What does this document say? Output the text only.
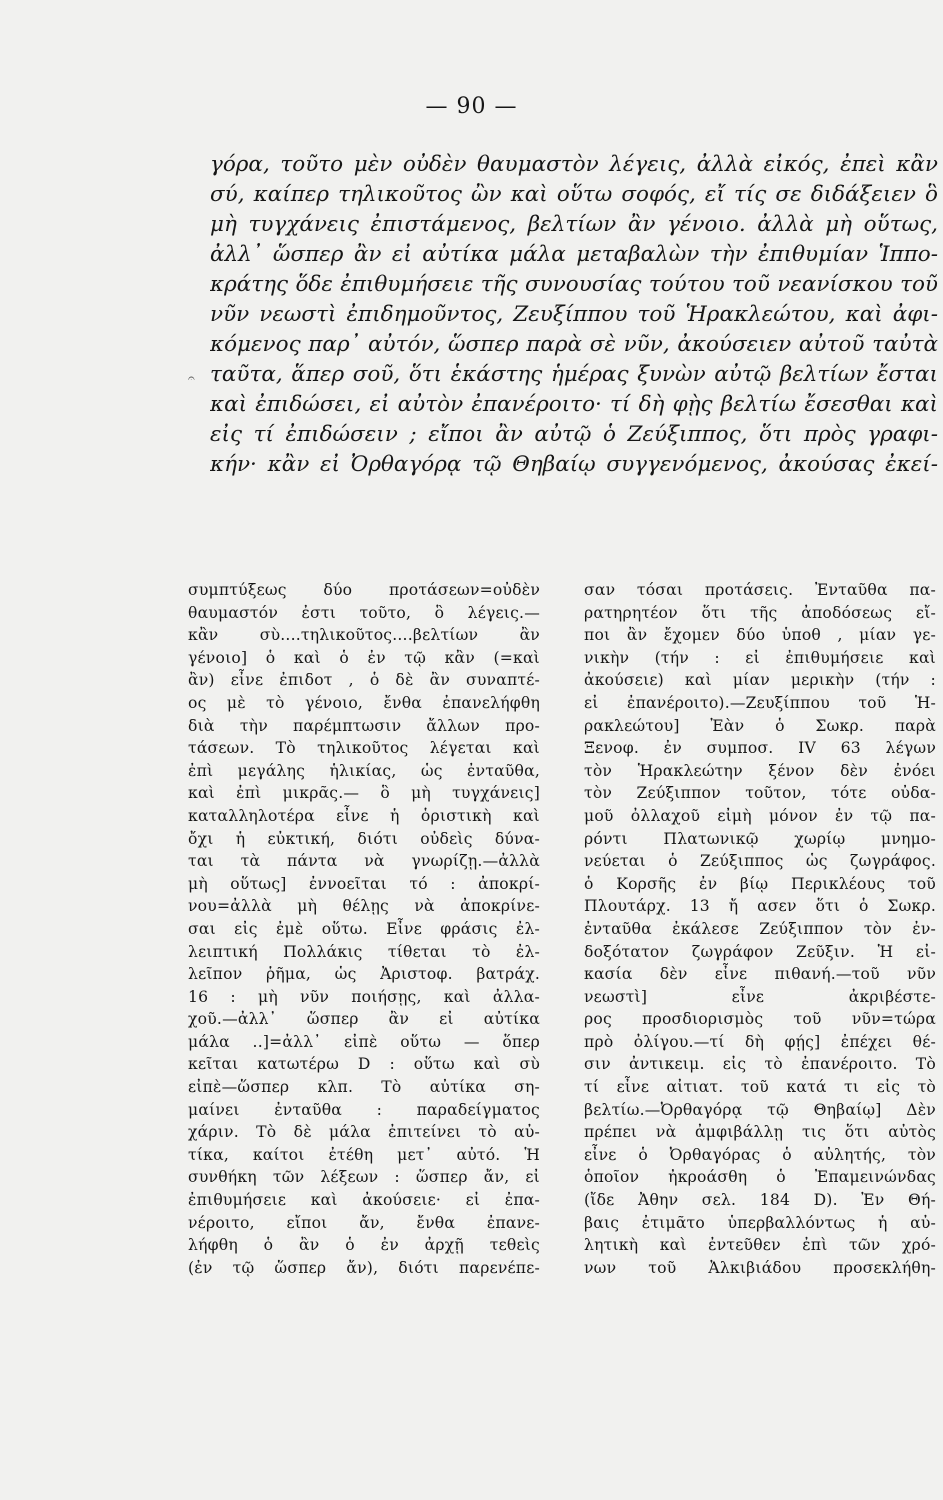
— 90 —
𝄐
γόρα, τοῦτο μὲν οὐδὲν θαυμαστὸν λέγεις, ἀλλὰ εἰκός, ἐπεὶ κἂν
σύ, καίπερ τηλικοῦτος ὢν καὶ οὕτω σοφός, εἴ τίς σε διδάξειεν ὃ
μὴ τυγχάνεις ἐπιστάμενος, βελτίων ἂν γένοιο. ἀλλὰ μὴ οὕτως,
ἀλλ᾽ ὥσπερ ἂν εἰ αὐτίκα μάλα μεταβαλὼν τὴν ἐπιθυμίαν Ἱππο-
κράτης ὅδε ἐπιθυμήσειε τῆς συνουσίας τούτου τοῦ νεανίσκου τοῦ
νῦν νεωστὶ ἐπιδημοῦντος, Ζευξίππου τοῦ Ἡρακλεώτου, καὶ ἀφι-
κόμενος παρ᾽ αὐτόν, ὥσπερ παρὰ σὲ νῦν, ἀκούσειεν αὐτοῦ ταὐτὰ
ταῦτα, ἅπερ σοῦ, ὅτι ἑκάστης ἡμέρας ξυνὼν αὐτῷ βελτίων ἔσται
καὶ ἐπιδώσει, εἰ αὐτὸν ἐπανέροιτο· τί δὴ φῂς βελτίω ἔσεσθαι καὶ
εἰς τί ἐπιδώσειν ; εἴποι ἂν αὐτῷ ὁ Ζεύξιππος, ὅτι πρὸς γραφι-
κήν· κἂν εἰ Ὀρθαγόρᾳ τῷ Θηβαίῳ συγγενόμενος, ἀκούσας ἐκεί-
συμπτύξεως δύο προτάσεων=οὐδὲν
θαυμαστόν ἐστι τοῦτο, ὃ λέγεις.—
κἂν σὺ....τηλικοῦτος....βελτίων ἂν
γένοιο] ὁ καὶ ὁ ἐν τῷ κἂν (=καὶ
ἂν) εἶνε ἐπιδοτ , ὁ δὲ ἂν συναπτέ-
ος μὲ τὸ γένοιο, ἔνθα ἐπανελήφθη
διὰ τὴν παρέμπτωσιν ἄλλων προ-
τάσεων. Τὸ τηλικοῦτος λέγεται καὶ
ἐπὶ μεγάλης ἡλικίας, ὡς ἐνταῦθα,
καὶ ἐπὶ μικρᾶς.— ὃ μὴ τυγχάνεις]
καταλληλοτέρα εἶνε ἡ ὁριστικὴ καὶ
ὄχι ἡ εὐκτική, διότι οὐδεὶς δύνα-
ται τὰ πάντα νὰ γνωρίζῃ.—ἀλλὰ
μὴ οὕτως] ἐννοεῖται τό : ἀποκρί-
νου=ἀλλὰ μὴ θέλῃς νὰ ἀποκρίνε-
σαι εἰς ἐμὲ οὕτω. Εἶνε φράσις ἐλ-
λειπτική Πολλάκις τίθεται τὸ ἐλ-
λεῖπον ῥῆμα, ὡς Ἀριστοφ. βατράχ.
16 : μὴ νῦν ποιήσῃς, καὶ ἀλλα-
χοῦ.—ἀλλ᾽ ὥσπερ ἂν εἰ αὐτίκα
μάλα ..]=ἀλλ᾽ εἰπὲ οὕτω — ὅπερ
κεῖται κατωτέρω D : οὕτω καὶ σὺ
εἰπὲ—ὥσπερ κλπ. Τὸ αὐτίκα ση-
μαίνει ἐνταῦθα : παραδείγματος
χάριν. Τὸ δὲ μάλα ἐπιτείνει τὸ αὐ-
τίκα, καίτοι ἐτέθη μετ᾽ αὐτό. Ἡ
συνθήκη τῶν λέξεων : ὥσπερ ἄν, εἰ
ἐπιθυμήσειε καὶ ἀκούσειε· εἰ ἐπα-
νέροιτο, εἴποι ἄν, ἔνθα ἐπανε-
λήφθη ὁ ἂν ὁ ἐν ἀρχῇ τεθεὶς
(ἐν τῷ ὥσπερ ἄν), διότι παρενέπε-
σαν τόσαι προτάσεις. Ἐνταῦθα πα-
ρατηρητέον ὅτι τῆς ἀποδόσεως εἴ-
ποι ἂν ἔχομεν δύο ὑποθ , μίαν γε-
νικὴν (τήν : εἰ ἐπιθυμήσειε καὶ
ἀκούσειε) καὶ μίαν μερικὴν (τήν :
εἰ ἐπανέροιτο).—Ζευξίππου τοῦ Ἡ-
ρακλεώτου] Ἐὰν ὁ Σωκρ. παρὰ
Ξενοφ. ἐν συμποσ. IV 63 λέγων
τὸν Ἡρακλεώτην ξένον δὲν ἐνόει
τὸν Ζεύξιππον τοῦτον, τότε οὐδα-
μοῦ ὀλλαχοῦ εἰμὴ μόνον ἐν τῷ πα-
ρόντι Πλατωνικῷ χωρίῳ μνημο-
νεύεται ὁ Ζεύξιππος ὡς ζωγράφος.
ὁ Κορσῆς ἐν βίῳ Περικλέους τοῦ
Πλουτάρχ. 13 ἤ ασεν ὅτι ὁ Σωκρ.
ἐνταῦθα ἐκάλεσε Ζεύξιππον τὸν ἐν-
δοξότατον ζωγράφον Ζεῦξιν. Ἡ εἰ-
κασία δὲν εἶνε πιθανή.—τοῦ νῦν
νεωστὶ] εἶνε ἀκριβέστε-
ρος προσδιορισμὸς τοῦ νῦν=τώρα
πρὸ ὀλίγου.—τί δὴ φῄς] ἐπέχει θέ-
σιν ἀντικειμ. εἰς τὸ ἐπανέροιτο. Τὸ
τί εἶνε αἰτιατ. τοῦ κατά τι εἰς τὸ
βελτίω.—Ὀρθαγόρᾳ τῷ Θηβαίῳ] Δὲν
πρέπει νὰ ἀμφιβάλλῃ τις ὅτι αὐτὸς
εἶνε ὁ Ὀρθαγόρας ὁ αὐλητής, τὸν
ὁποῖον ἠκροάσθη ὁ Ἐπαμεινώνδας
(ἴδε Ἀθην σελ. 184 D). Ἐν Θή-
βαις ἐτιμᾶτο ὑπερβαλλόντως ἡ αὐ-
λητικὴ καὶ ἐντεῦθεν ἐπὶ τῶν χρό-
νων τοῦ Ἀλκιβιάδου προσεκλήθη-
